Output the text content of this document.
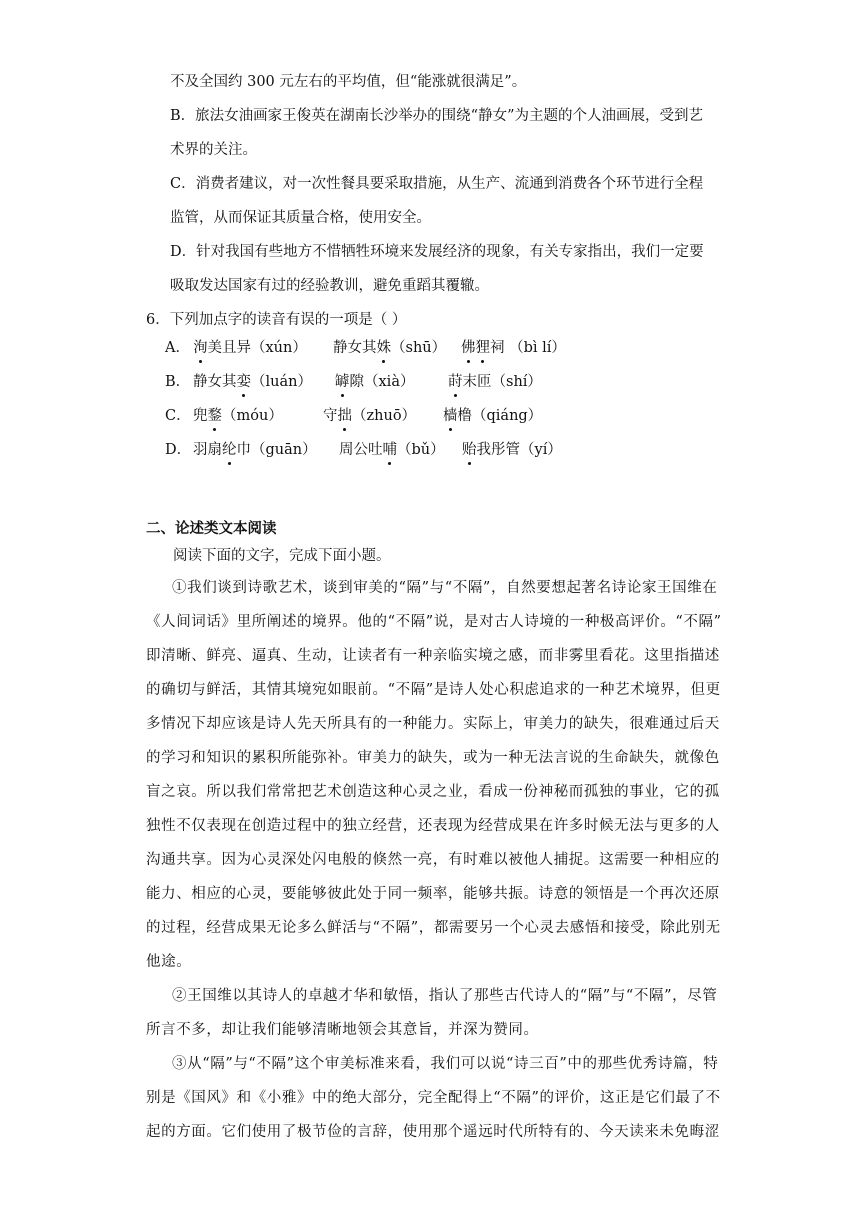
不及全国约 300 元左右的平均值，但“能涨就很满足”。
B．旅法女油画家王俊英在湖南长沙举办的围绕“静女”为主题的个人油画展，受到艺
术界的关注。
C．消费者建议，对一次性餐具要采取措施，从生产、流通到消费各个环节进行全程
监管，从而保证其质量合格，使用安全。
D．针对我国有些地方不惜牺牲环境来发展经济的现象，有关专家指出，我们一定要
吸取发达国家有过的经验教训，避免重蹈其覆辙。
6．下列加点字的读音有误的一项是（ ）
A． 洵美且异（xún） 静女其姝（shū） 佛狸祠 （bì lí）
B． 静女其娈（luán） 罅隙（xià） 莳末匝（shí）
C． 兜鍪（móu）	守拙（zhuō） 樯橹（qiáng）
D． 羽扇纶巾（guān） 周公吐哺（bǔ） 贻我彤管（yí）
二、论述类文本阅读
阅读下面的文字，完成下面小题。
①我们谈到诗歌艺术，谈到审美的“隔”与“不隔”，自然要想起著名诗论家王国维在
《人间词话》里所阐述的境界。他的“不隔”说，是对古人诗境的一种极高评价。“不隔”
即清晰、鲜亮、逼真、生动，让读者有一种亲临实境之感，而非雾里看花。这里指描述
的确切与鲜活，其情其境宛如眼前。“不隔”是诗人处心积虑追求的一种艺术境界，但更
多情况下却应该是诗人先天所具有的一种能力。实际上，审美力的缺失，很难通过后天
的学习和知识的累积所能弥补。审美力的缺失，或为一种无法言说的生命缺失，就像色
盲之哀。所以我们常常把艺术创造这种心灵之业，看成一份神秘而孤独的事业，它的孤
独性不仅表现在创造过程中的独立经营，还表现为经营成果在许多时候无法与更多的人
沟通共享。因为心灵深处闪电般的倏然一亮，有时难以被他人捕捉。这需要一种相应的
能力、相应的心灵，要能够彼此处于同一频率，能够共振。诗意的领悟是一个再次还原
的过程，经营成果无论多么鲜活与“不隔”，都需要另一个心灵去感悟和接受，除此别无
他途。
②王国维以其诗人的卓越才华和敏悟，指认了那些古代诗人的“隔”与“不隔”，尽管
所言不多，却让我们能够清晰地领会其意旨，并深为赞同。
③从“隔”与“不隔”这个审美标准来看，我们可以说“诗三百”中的那些优秀诗篇，特
别是《国风》和《小雅》中的绝大部分，完全配得上“不隔”的评价，这正是它们最了不
起的方面。它们使用了极节俭的言辞，使用那个遥远时代所特有的、今天读来未免晦涩
